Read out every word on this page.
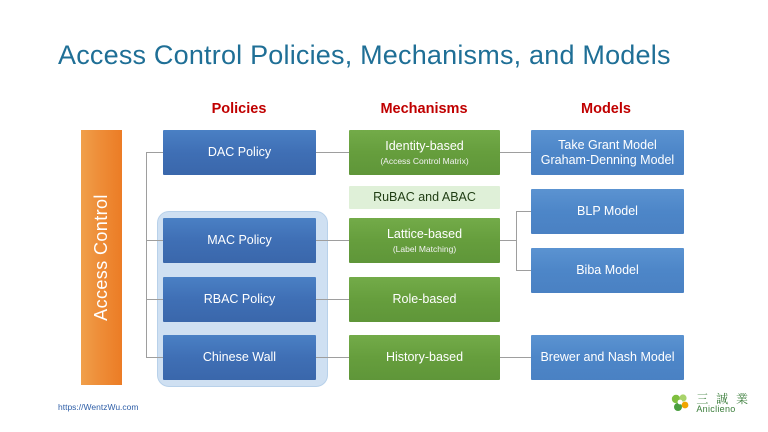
Access Control Policies, Mechanisms, and Models
Policies	Mechanisms	Models
Access Control
DAC Policy
MAC Policy
RBAC Policy
Chinese Wall
Identity-based
(Access Control Matrix)
RuBAC and ABAC
Lattice-based
(Label Matching)
Role-based
History-based
Take Grant Model
Graham-Denning Model
BLP Model
Biba Model
Brewer and Nash Model
https://WentzWu.com
三 誠 業
Aniclieno
